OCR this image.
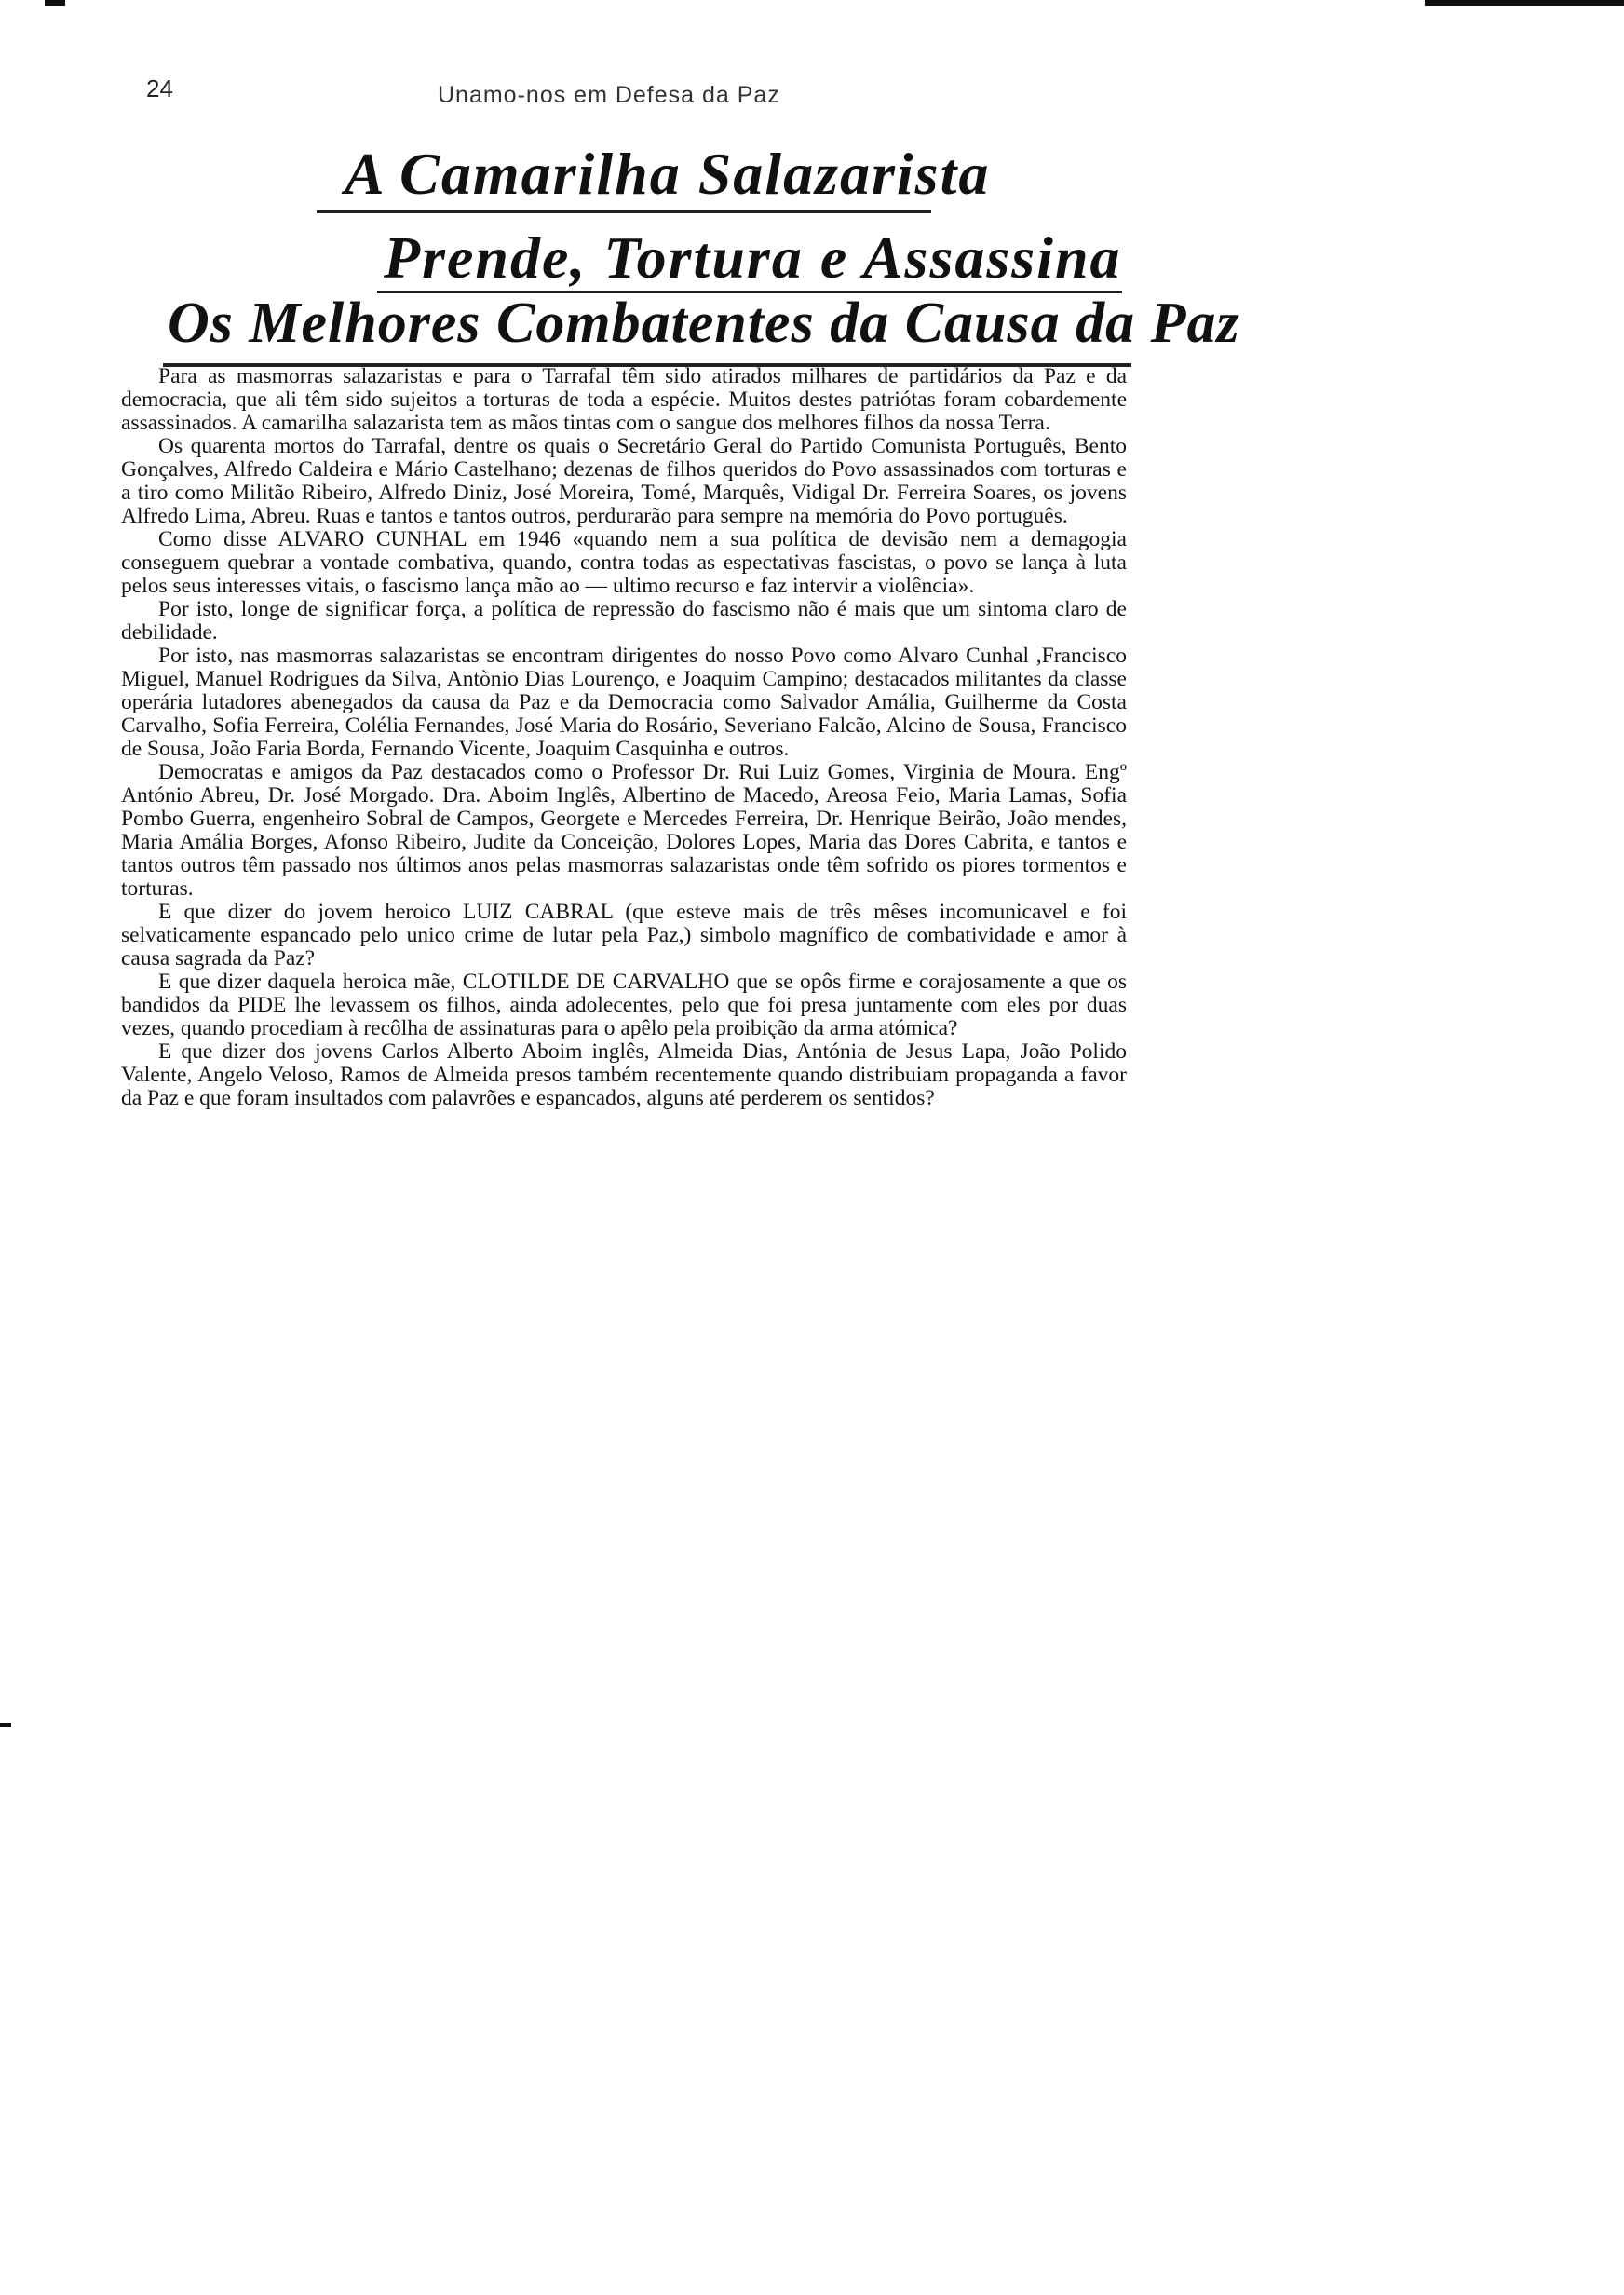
24	Unamo-nos em Defesa da Paz
A Camarilha Salazarista
Prende, Tortura e Assassina
Os Melhores Combatentes da Causa da Paz

Para as masmorras salazaristas e para o Tarrafal têm sido atirados milhares de partidários da Paz e da democracia, que ali têm sido sujeitos a torturas de toda a espécie. Muitos destes patriótas foram cobardemente assassinados. A camarilha salazarista tem as mãos tintas com o sangue dos melhores filhos da nossa Terra.

Os quarenta mortos do Tarrafal, dentre os quais o Secretário Geral do Partido Comunista Português, Bento Gonçalves, Alfredo Caldeira e Mário Castelhano; dezenas de filhos queridos do Povo assassinados com torturas e a tiro como Militão Ribeiro, Alfredo Diniz, José Moreira, Tomé, Marquês, Vidigal Dr. Ferreira Soares, os jovens Alfredo Lima, Abreu. Ruas e tantos e tantos outros, perdurarão para sempre na memória do Povo português.

Como disse ALVARO CUNHAL em 1946 «quando nem a sua política de devisão nem a demagogia conseguem quebrar a vontade combativa, quando, contra todas as espectativas fascistas, o povo se lança à luta pelos seus interesses vitais, o fascismo lança mão ao — ultimo recurso e faz intervir a violência».

Por isto, longe de significar força, a política de repressão do fascismo não é mais que um sintoma claro de debilidade.

Por isto, nas masmorras salazaristas se encontram dirigentes do nosso Povo como Alvaro Cunhal ,Francisco Miguel, Manuel Rodrigues da Silva, Antònio Dias Lourenço, e Joaquim Campino; destacados militantes da classe operária lutadores abenegados da causa da Paz e da Democracia como Salvador Amália, Guilherme da Costa Carvalho, Sofia Ferreira, Colélia Fernandes, José Maria do Rosário, Severiano Falcão, Alcino de Sousa, Francisco de Sousa, João Faria Borda, Fernando Vicente, Joaquim Casquinha e outros.

Democratas e amigos da Paz destacados como o Professor Dr. Rui Luiz Gomes, Virginia de Moura. Engº António Abreu, Dr. José Morgado. Dra. Aboim Inglês, Albertino de Macedo, Areosa Feio, Maria Lamas, Sofia Pombo Guerra, engenheiro Sobral de Campos, Georgete e Mercedes Ferreira, Dr. Henrique Beirão, João mendes, Maria Amália Borges, Afonso Ribeiro, Judite da Conceição, Dolores Lopes, Maria das Dores Cabrita, e tantos e tantos outros têm passado nos últimos anos pelas masmorras salazaristas onde têm sofrido os piores tormentos e torturas.

E que dizer do jovem heroico LUIZ CABRAL (que esteve mais de três mêses incomunicavel e foi selvaticamente espancado pelo unico crime de lutar pela Paz,) simbolo magnífico de combatividade e amor à causa sagrada da Paz?

E que dizer daquela heroica mãe, CLOTILDE DE CARVALHO que se opôs firme e corajosamente a que os bandidos da PIDE lhe levassem os filhos, ainda adolecentes, pelo que foi presa juntamente com eles por duas vezes, quando procediam à recôlha de assinaturas para o apêlo pela proibição da arma atómica?

E que dizer dos jovens Carlos Alberto Aboim inglês, Almeida Dias, Antónia de Jesus Lapa, João Polido Valente, Angelo Veloso, Ramos de Almeida presos também recentemente quando distribuiam propaganda a favor da Paz e que foram insultados com palavrões e espancados, alguns até perderem os sentidos?
